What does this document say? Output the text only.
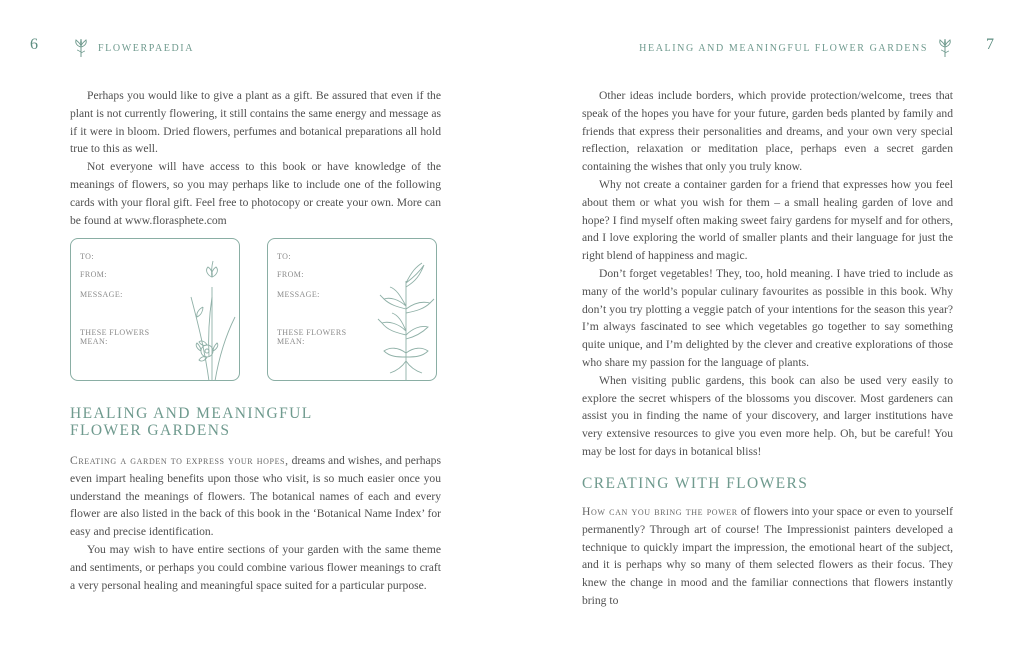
6	FLOWERPAEDIA

Perhaps you would like to give a plant as a gift. Be assured that even if the plant is not currently flowering, it still contains the same energy and message as if it were in bloom. Dried flowers, perfumes and botanical preparations all hold true to this as well.

Not everyone will have access to this book or have knowledge of the meanings of flowers, so you may perhaps like to include one of the following cards with your floral gift. Feel free to photocopy or create your own. More can be found at www.florasphete.com

TO:
FROM:
MESSAGE:
THESE FLOWERS MEAN:
TO:
FROM:
MESSAGE:
THESE FLOWERS MEAN:
HEALING AND MEANINGFUL FLOWER GARDENS

Creating a garden to express your hopes, dreams and wishes, and perhaps even impart healing benefits upon those who visit, is so much easier once you understand the meanings of flowers. The botanical names of each and every flower are also listed in the back of this book in the ‘Botanical Name Index’ for easy and precise identification.

You may wish to have entire sections of your garden with the same theme and sentiments, or perhaps you could combine various flower meanings to craft a very personal healing and meaningful space suited for a particular purpose.

HEALING AND MEANINGFUL FLOWER GARDENS	7

Other ideas include borders, which provide protection/welcome, trees that speak of the hopes you have for your future, garden beds planted by family and friends that express their personalities and dreams, and your own very special reflection, relaxation or meditation place, perhaps even a secret garden containing the wishes that only you truly know.

Why not create a container garden for a friend that expresses how you feel about them or what you wish for them – a small healing garden of love and hope? I find myself often making sweet fairy gardens for myself and for others, and I love exploring the world of smaller plants and their language for just the right blend of happiness and magic.

Don’t forget vegetables! They, too, hold meaning. I have tried to include as many of the world’s popular culinary favourites as possible in this book. Why don’t you try plotting a veggie patch of your intentions for the season this year? I’m always fascinated to see which vegetables go together to say something quite unique, and I’m delighted by the clever and creative explorations of those who share my passion for the language of plants.

When visiting public gardens, this book can also be used very easily to explore the secret whispers of the blossoms you discover. Most gardeners can assist you in finding the name of your discovery, and larger institutions have very extensive resources to give you even more help. Oh, but be careful! You may be lost for days in botanical bliss!

CREATING WITH FLOWERS

How can you bring the power of flowers into your space or even to yourself permanently? Through art of course! The Impressionist painters developed a technique to quickly impart the impression, the emotional heart of the subject, and it is perhaps why so many of them selected flowers as their focus. They knew the change in mood and the familiar connections that flowers instantly bring to
